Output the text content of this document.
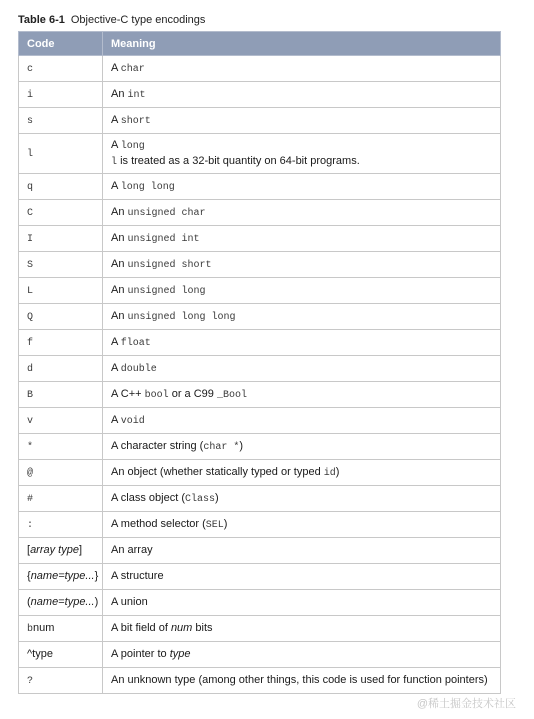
Table 6-1 Objective-C type encodings
Code	Meaning
c	A char

i	An int

s	A short

l	A long
l is treated as a 32-bit quantity on 64-bit programs.

q	A long long

C	An unsigned char

I	An unsigned int

S	An unsigned short

L	An unsigned long

Q	An unsigned long long

f	A float

d	A double

B	A C++ bool or a C99 _Bool

v	A void

*	A character string (char *)

@	An object (whether statically typed or typed id)

#	A class object (Class)

:	A method selector (SEL)

[array type]	An array

{name=type...}	A structure

(name=type...)	A union

bnum	A bit field of num bits

^type	A pointer to type

?	An unknown type (among other things, this code is used for function pointers)
@稀土掘金技术社区
